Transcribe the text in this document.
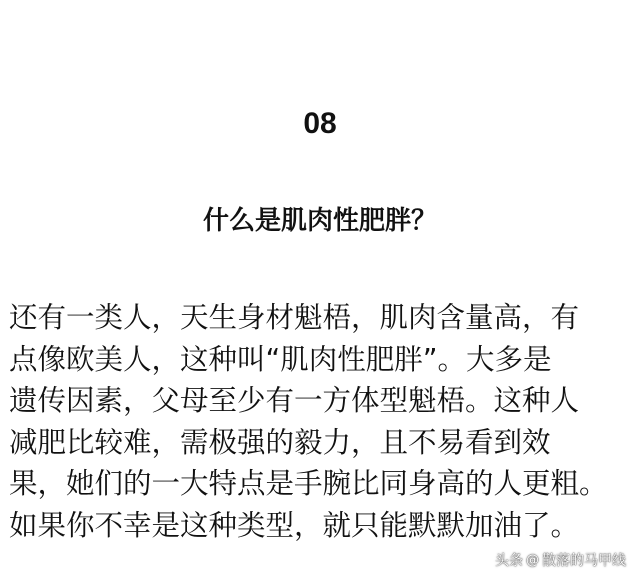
08
什么是肌肉性肥胖？
还有一类人，天生身材魁梧，肌肉含量高，有
点像欧美人，这种叫“肌肉性肥胖”。大多是
遗传因素，父母至少有一方体型魁梧。这种人
减肥比较难，需极强的毅力，且不易看到效
果，她们的一大特点是手腕比同身高的人更粗。
如果你不幸是这种类型，就只能默默加油了。
头条 @ 散落的马甲线
